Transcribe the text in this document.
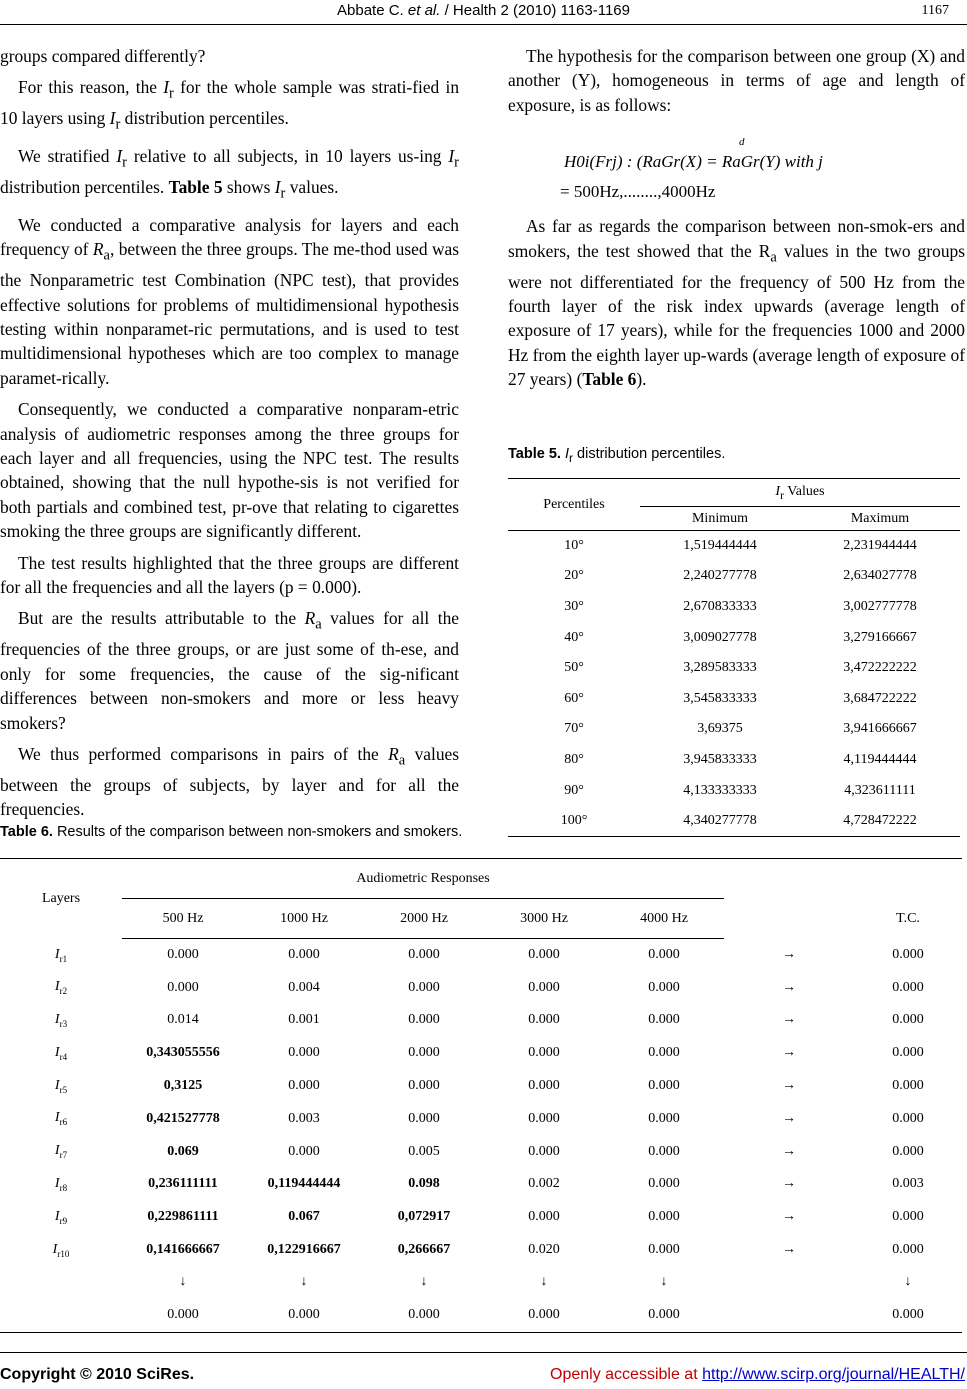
Abbate C. et al. / Health 2 (2010) 1163-1169	1167

groups compared differently?

For this reason, the $I_r$ for the whole sample was strati-fied in 10 layers using $I_r$ distribution percentiles.

We stratified $I_r$ relative to all subjects, in 10 layers us-ing $I_r$ distribution percentiles. Table 5 shows $I_r$ values.

We conducted a comparative analysis for layers and each frequency of $R_a$, between the three groups. The me-thod used was the Nonparametric test Combination (NPC test), that provides effective solutions for problems of multidimensional hypothesis testing within nonparamet-ric permutations, and is used to test multidimensional hypotheses which are too complex to manage paramet-rically.

Consequently, we conducted a comparative nonparam-etric analysis of audiometric responses among the three groups for each layer and all frequencies, using the NPC test. The results obtained, showing that the null hypothe-sis is not verified for both partials and combined test, pr-ove that relating to cigarettes smoking the three groups are significantly different.

The test results highlighted that the three groups are different for all the frequencies and all the layers (p = 0.000).

But are the results attributable to the $R_a$ values for all the frequencies of the three groups, or are just some of th-ese, and only for some frequencies, the cause of the sig-nificant differences between non-smokers and more or less heavy smokers?

We thus performed comparisons in pairs of the $R_a$ values between the groups of subjects, by layer and for all the frequencies.

The hypothesis for the comparison between one group (X) and another (Y), homogeneous in terms of age and length of exposure, is as follows:

d
H0i(Frj) : (RaGr(X) = RaGr(Y) with j
= 500Hz,........,4000Hz

As far as regards the comparison between non-smok-ers and smokers, the test showed that the $R_a$ values in the two groups were not differentiated for the frequency of 500 Hz from the fourth layer of the risk index upwards (average length of exposure of 17 years), while for the frequencies 1000 and 2000 Hz from the eighth layer up-wards (average length of exposure of 27 years) (Table 6).

Table 5. $I_r$ distribution percentiles.
Percentiles	$I_r$ Values	
	Minimum	Maximum
10°	1,519444444	2,231944444
20°	2,240277778	2,634027778
30°	2,670833333	3,002777778
40°	3,009027778	3,279166667
50°	3,289583333	3,472222222
60°	3,545833333	3,684722222
70°	3,69375	3,941666667
80°	3,945833333	4,119444444
90°	4,133333333	4,323611111
100°	4,340277778	4,728472222
Table 6. Results of the comparison between non-smokers and smokers.
Layers	Audiometric Responses						T.C.
	500 Hz	1000 Hz	2000 Hz	3000 Hz	4000 Hz		
$I_{r1}$	0.000	0.000	0.000	0.000	0.000	→	0.000
$I_{r2}$	0.000	0.004	0.000	0.000	0.000	→	0.000
$I_{r3}$	0.014	0.001	0.000	0.000	0.000	→	0.000
$I_{r4}$	0,343055556	0.000	0.000	0.000	0.000	→	0.000
$I_{r5}$	0,3125	0.000	0.000	0.000	0.000	→	0.000
$I_{r6}$	0,421527778	0.003	0.000	0.000	0.000	→	0.000
$I_{r7}$	0.069	0.000	0.005	0.000	0.000	→	0.000
$I_{r8}$	0,236111111	0,119444444	0.098	0.002	0.000	→	0.003
$I_{r9}$	0,229861111	0.067	0,072917	0.000	0.000	→	0.000
$I_{r10}$	0,141666667	0,122916667	0,266667	0.020	0.000	→	0.000
	↓	↓	↓	↓	↓		↓
	0.000	0.000	0.000	0.000	0.000		0.000
Copyright © 2010 SciRes.	Openly accessible at http://www.scirp.org/journal/HEALTH/
